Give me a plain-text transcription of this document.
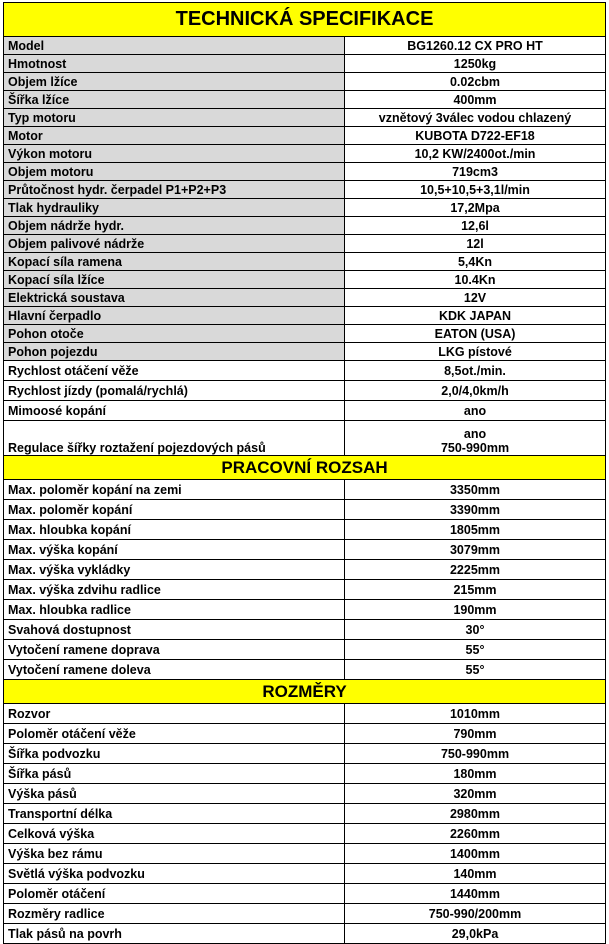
TECHNICKÁ SPECIFIKACE	
Model	BG1260.12 CX PRO HT
Hmotnost	1250kg
Objem lžíce	0.02cbm
Šířka lžíce	400mm
Typ motoru	vznětový 3válec vodou chlazený
Motor	KUBOTA D722-EF18
Výkon motoru	10,2 KW/2400ot./min
Objem motoru	719cm3
Průtočnost hydr. čerpadel P1+P2+P3	10,5+10,5+3,1l/min
Tlak hydrauliky	17,2Mpa
Objem nádrže hydr.	12,6l
Objem palivové nádrže	12l
Kopací síla ramena	5,4Kn
Kopací síla lžíce	10.4Kn
Elektrická soustava	12V
Hlavní čerpadlo	KDK JAPAN
Pohon otoče	EATON (USA)
Pohon pojezdu	LKG pístové
Rychlost otáčení věže	8,5ot./min.
Rychlost jízdy (pomalá/rychlá)	2,0/4,0km/h
Mimoosé kopání	ano
Regulace šířky roztažení pojezdových pásů	ano
750-990mm

PRACOVNÍ ROZSAH	
Max. poloměr kopání na zemi	3350mm
Max. poloměr kopání	3390mm
Max. hloubka kopání	1805mm
Max. výška kopání	3079mm
Max. výška vykládky	2225mm
Max. výška zdvihu radlice	215mm
Max. hloubka radlice	190mm
Svahová dostupnost	30°
Vytočení ramene doprava	55°
Vytočení ramene doleva	55°
ROZMĚRY	
Rozvor	1010mm
Poloměr otáčení věže	790mm
Šířka podvozku	750-990mm
Šířka pásů	180mm
Výška pásů	320mm
Transportní délka	2980mm
Celková výška	2260mm
Výška bez rámu	1400mm
Světlá výška podvozku	140mm
Poloměr otáčení	1440mm
Rozměry radlice	750-990/200mm
Tlak pásů na povrh	29,0kPa
